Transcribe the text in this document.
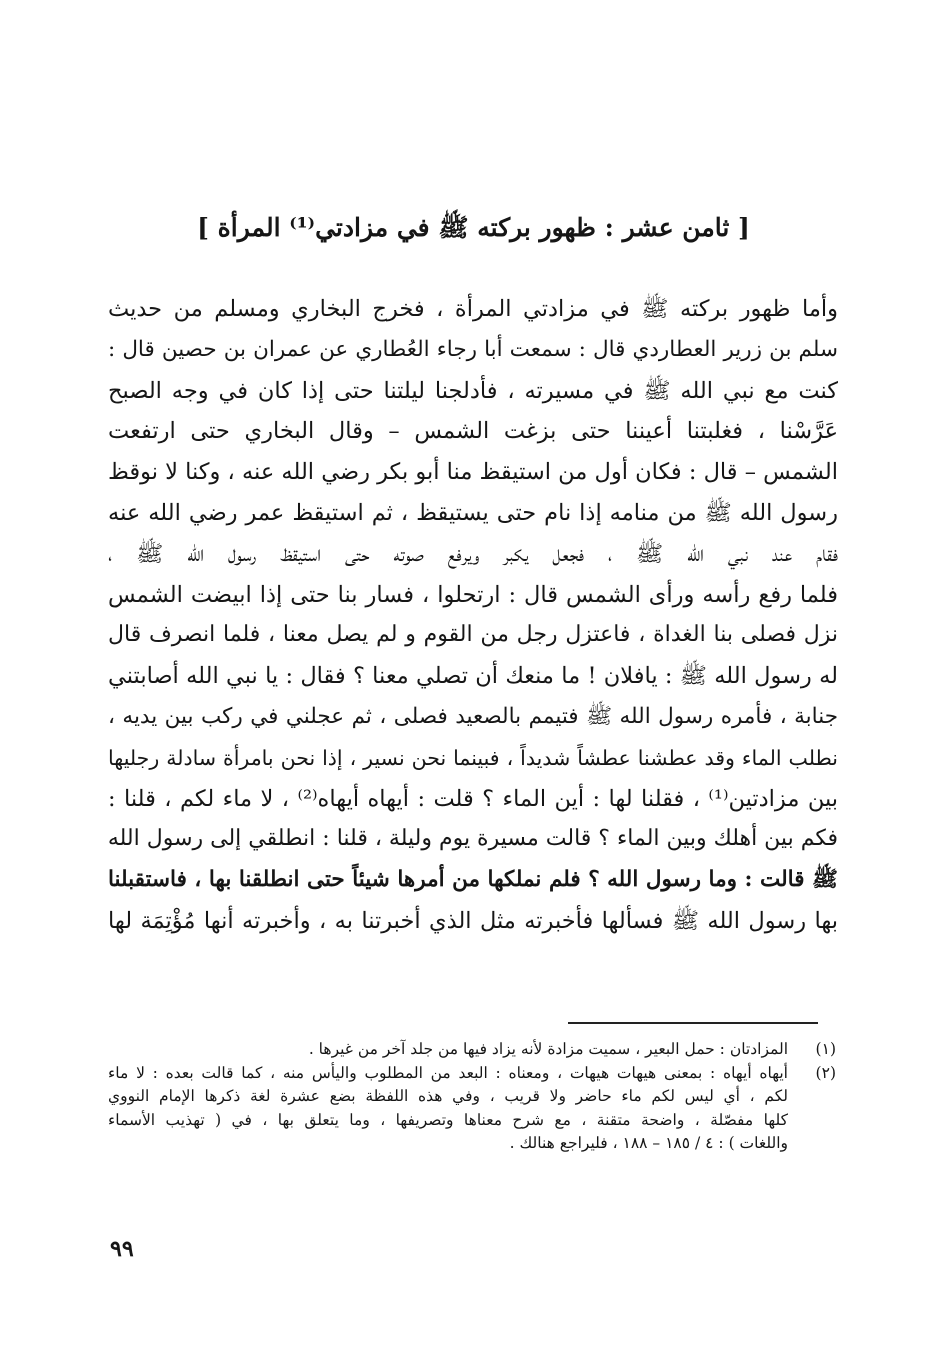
[ ثامن عشر : ظهور بركته ﷺ في مزادتي⁽¹⁾ المرأة ]
وأما ظهور بركته ﷺ في مزادتي المرأة ، فخرج البخاري ومسلم من حديث
سلم بن زرير العطاردي قال : سمعت أبا رجاء العُطاري عن عمران بن حصين قال :
كنت مع نبي الله ﷺ في مسيرته ، فأدلجنا ليلتنا حتى إذا كان في وجه الصبح
عَرَّسْنا ، فغلبتنا أعيننا حتى بزغت الشمس – وقال البخاري حتى ارتفعت
الشمس – قال : فكان أول من استيقظ منا أبو بكر رضي الله عنه ، وكنا لا نوقظ
رسول الله ﷺ من منامه إذا نام حتى يستيقظ ، ثم استيقظ عمر رضي الله عنه
فقام عند نبي الله ﷺ ، فجعل يكبر ويرفع صوته حتى استيقظ رسول الله ﷺ ،
فلما رفع رأسه ورأى الشمس قال : ارتحلوا ، فسار بنا حتى إذا ابيضت الشمس
نزل فصلى بنا الغداة ، فاعتزل رجل من القوم و لم يصل معنا ، فلما انصرف قال
له رسول الله ﷺ : يافلان ! ما منعك أن تصلي معنا ؟ فقال : يا نبي الله أصابتني
جنابة ، فأمره رسول الله ﷺ فتيمم بالصعيد فصلى ، ثم عجلني في ركب بين يديه ،
نطلب الماء وقد عطشنا عطشاً شديداً ، فبينما نحن نسير ، إذا نحن بامرأة سادلة رجليها
بين مزادتين⁽¹⁾ ، فقلنا لها : أين الماء ؟ قلت : أيهاه أيهاه⁽²⁾ ، لا ماء لكم ، قلنا :
فكم بين أهلك وبين الماء ؟ قالت مسيرة يوم وليلة ، قلنا : انطلقي إلى رسول الله
ﷺ قالت : وما رسول الله ؟ فلم نملكها من أمرها شيئاً حتى انطلقنا بها ، فاستقبلنا
بها رسول الله ﷺ فسألها فأخبرته مثل الذي أخبرتنا به ، وأخبرته أنها مُؤْتِمَة لها
(١)
المزادتان : حمل البعير ، سميت مزادة لأنه يزاد فيها من جلد آخر من غيرها .
(٢)
أيهاه أيهاه : بمعنى هيهات هيهات ، ومعناه : البعد من المطلوب واليأس منه ، كما قالت بعده : لا ماء
لكم ، أي ليس لكم ماء حاضر ولا قريب ، وفي هذه اللفظة بضع عشرة لغة ذكرها الإمام النووي
كلها مفصّلة ، واضحة متقنة ، مع شرح معناها وتصريفها ، وما يتعلق بها ، في ( تهذيب الأسماء
واللغات ) : ٤ / ١٨٥ – ١٨٨ ، فليراجع هنالك .
٩٩
